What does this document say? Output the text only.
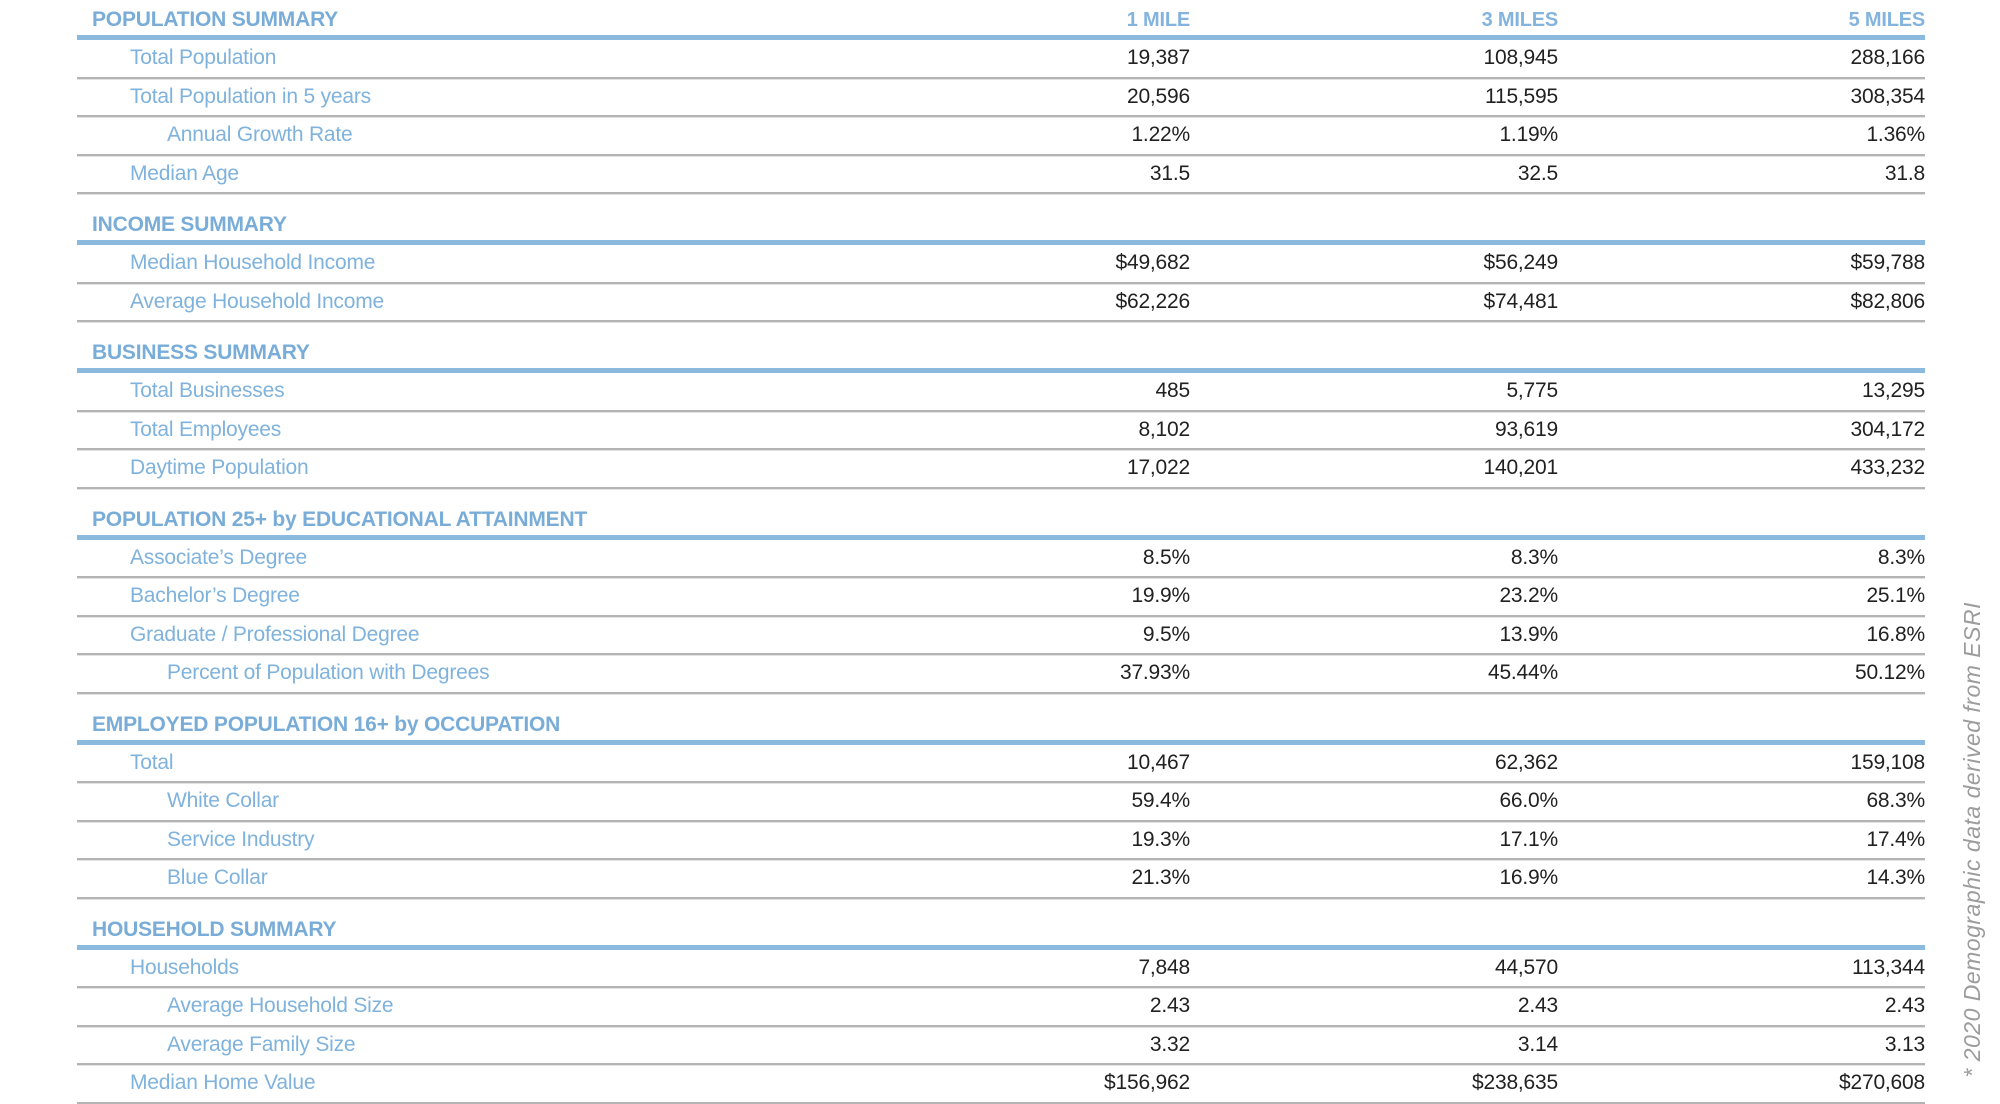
POPULATION SUMMARY	1 MILE	3 MILES	5 MILES
Total Population	19,387	108,945	288,166
Total Population in 5 years	20,596	115,595	308,354
Annual Growth Rate	1.22%	1.19%	1.36%
Median Age	31.5	32.5	31.8
INCOME SUMMARY
Median Household Income	$49,682	$56,249	$59,788
Average Household Income	$62,226	$74,481	$82,806
BUSINESS SUMMARY
Total Businesses	485	5,775	13,295
Total Employees	8,102	93,619	304,172
Daytime Population	17,022	140,201	433,232
POPULATION 25+ by EDUCATIONAL ATTAINMENT
Associate’s Degree	8.5%	8.3%	8.3%
Bachelor’s Degree	19.9%	23.2%	25.1%
Graduate / Professional Degree	9.5%	13.9%	16.8%
Percent of Population with Degrees	37.93%	45.44%	50.12%
EMPLOYED POPULATION 16+ by OCCUPATION
Total	10,467	62,362	159,108
White Collar	59.4%	66.0%	68.3%
Service Industry	19.3%	17.1%	17.4%
Blue Collar	21.3%	16.9%	14.3%
HOUSEHOLD SUMMARY
Households	7,848	44,570	113,344
Average Household Size	2.43	2.43	2.43
Average Family Size	3.32	3.14	3.13
Median Home Value	$156,962	$238,635	$270,608
* 2020 Demographic data derived from ESRI
